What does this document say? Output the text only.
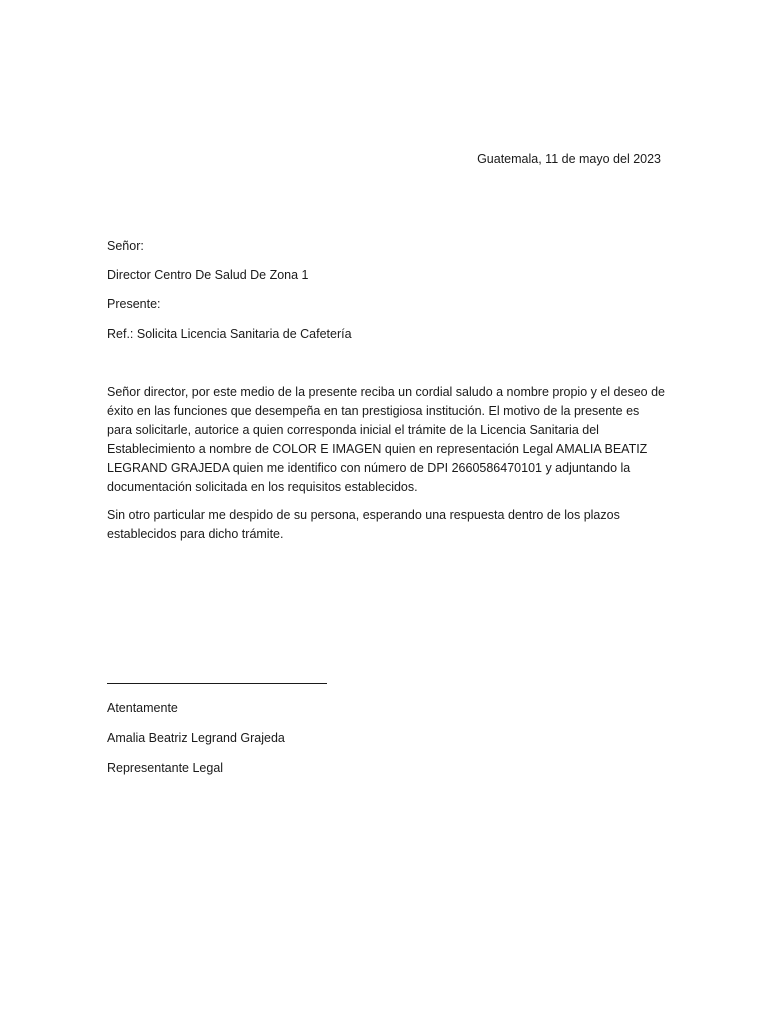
Guatemala, 11 de mayo del 2023
Señor:
Director Centro De Salud De Zona 1
Presente:
Ref.: Solicita Licencia Sanitaria de Cafetería
Señor director, por este medio de la presente reciba un cordial saludo a nombre propio y el deseo de éxito en las funciones que desempeña en tan prestigiosa institución. El motivo de la presente es para solicitarle, autorice a quien corresponda inicial el trámite de la Licencia Sanitaria del Establecimiento a nombre de COLOR E IMAGEN quien en representación Legal AMALIA BEATIZ LEGRAND GRAJEDA quien me identifico con número de DPI 2660586470101 y adjuntando la documentación solicitada en los requisitos establecidos.
Sin otro particular me despido de su persona, esperando una respuesta dentro de los plazos establecidos para dicho trámite.
Atentamente
Amalia Beatriz Legrand Grajeda
Representante Legal
